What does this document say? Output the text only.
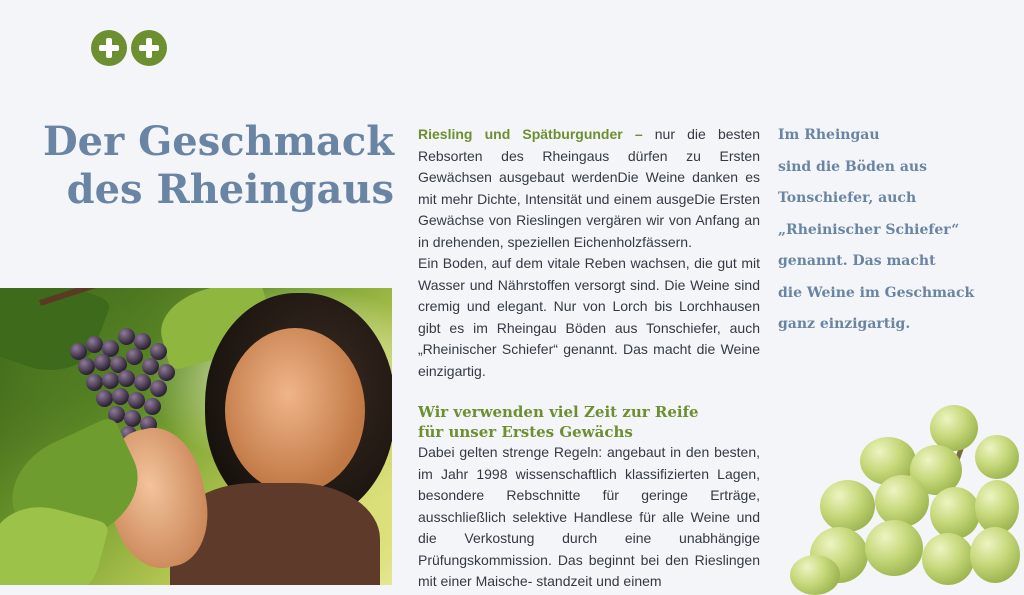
Der Geschmack
des Rheingaus

Riesling und Spätburgunder – nur die besten Rebsorten des Rheingaus dürfen zu Ersten Gewächsen ausgebaut werdenDie Weine danken es mit mehr Dichte, Intensität und einem ausgeDie Ersten Gewächse von Rieslingen vergären wir von Anfang an in drehenden, speziellen Eichenholzfässern.

Ein Boden, auf dem vitale Reben wachsen, die gut mit Wasser und Nährstoffen versorgt sind. Die Weine sind cremig und elegant. Nur von Lorch bis Lorchhausen gibt es im Rheingau Böden aus Tonschiefer, auch „Rheinischer Schiefer“ genannt. Das macht die Weine einzigartig.

Wir verwenden viel Zeit zur Reife
für unser Erstes Gewächs

Dabei gelten strenge Regeln: angebaut in den besten, im Jahr 1998 wissenschaftlich klassifizierten Lagen, besondere Rebschnitte für geringe Erträge, ausschließlich selektive Handlese für alle Weine und die Verkostung durch eine unabhängige Prüfungskommission. Das beginnt bei den Rieslingen mit einer Maische- standzeit und einem

Im Rheingau
sind die Böden aus
Tonschiefer, auch
„Rheinischer Schiefer“
genannt. Das macht
die Weine im Geschmack
ganz einzigartig.
